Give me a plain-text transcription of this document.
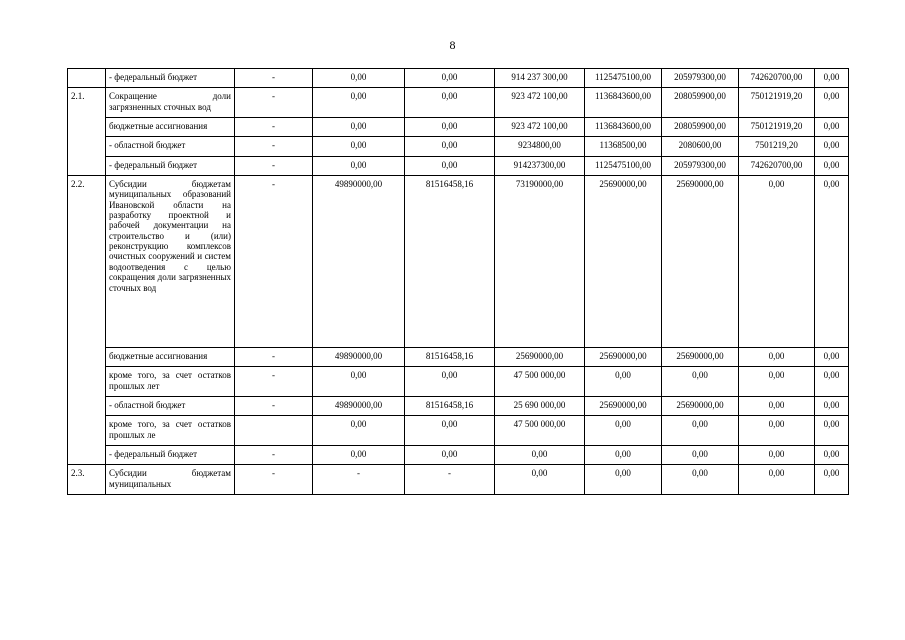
8
	- федеральный бюджет	-	0,00	0,00	914 237 300,00	1125475100,00	205979300,00	742620700,00	0,00
2.1.	Сокращение доли загрязненных сточных вод	-	0,00	0,00	923 472 100,00	1136843600,00	208059900,00	750121919,20	0,00
	бюджетные ассигнования	-	0,00	0,00	923 472 100,00	1136843600,00	208059900,00	750121919,20	0,00
	- областной бюджет	-	0,00	0,00	9234800,00	11368500,00	2080600,00	7501219,20	0,00
	- федеральный бюджет	-	0,00	0,00	914237300,00	1125475100,00	205979300,00	742620700,00	0,00
2.2.	Субсидии бюджетам муниципальных образований Ивановской области на разработку проектной и рабочей документации на строительство и (или) реконструкцию комплексов очистных сооружений и систем водоотведения с целью сокращения доли загрязненных сточных вод	-	49890000,00	81516458,16	73190000,00	25690000,00	25690000,00	0,00	0,00
	бюджетные ассигнования	-	49890000,00	81516458,16	25690000,00	25690000,00	25690000,00	0,00	0,00
	кроме того, за счет остатков прошлых лет	-	0,00	0,00	47 500 000,00	0,00	0,00	0,00	0,00
	- областной бюджет	-	49890000,00	81516458,16	25 690 000,00	25690000,00	25690000,00	0,00	0,00
	кроме того, за счет остатков прошлых ле		0,00	0,00	47 500 000,00	0,00	0,00	0,00	0,00
	- федеральный бюджет	-	0,00	0,00	0,00	0,00	0,00	0,00	0,00
2.3.	Субсидии бюджетам муниципальных	-	-	-	0,00	0,00	0,00	0,00	0,00
